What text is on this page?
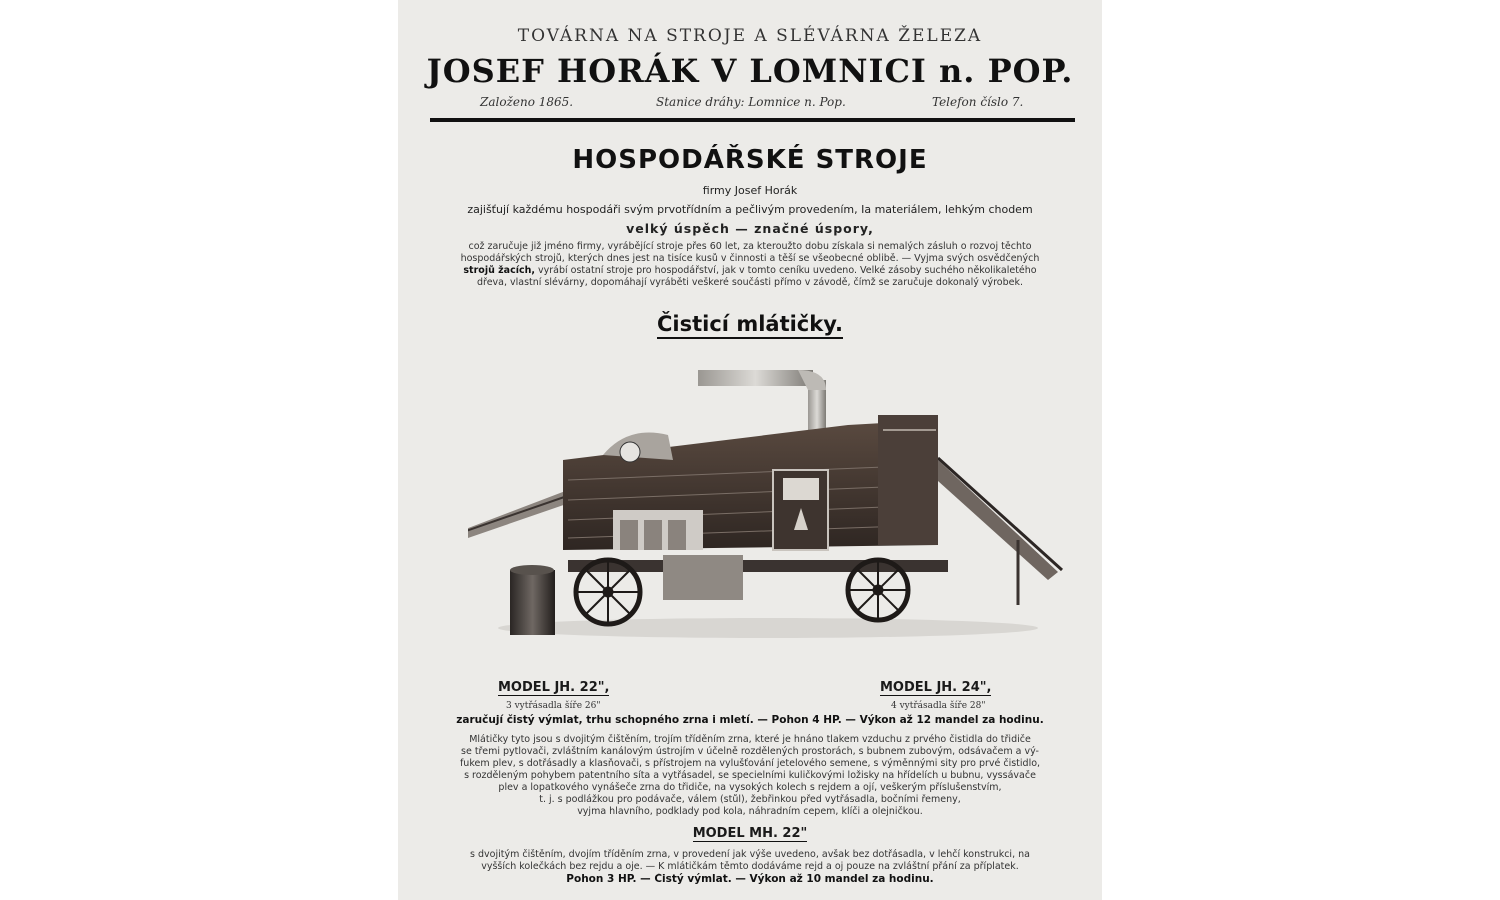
TOVÁRNA NA STROJE A SLÉVÁRNA ŽELEZA
JOSEF HORÁK V LOMNICI n. POP.
Založeno 1865.	Stanice dráhy: Lomnice n. Pop.	Telefon číslo 7.
HOSPODÁŘSKÉ STROJE
firmy Josef Horák
zajišťují každému hospodáři svým prvotřídním a pečlivým provedením, Ia materiálem, lehkým chodem
velký úspěch — značné úspory,
což zaručuje již jméno firmy, vyrábějící stroje přes 60 let, za kteroužto dobu získala si nemalých zásluh o rozvoj těchto
hospodářských strojů, kterých dnes jest na tisíce kusů v činnosti a těší se všeobecné oblibě. — Vyjma svých osvědčených
strojů žacích, vyrábí ostatní stroje pro hospodářství, jak v tomto ceníku uvedeno. Velké zásoby suchého několikaletého
dřeva, vlastní slévárny, dopomáhají vyráběti veškeré součásti přímo v závodě, čímž se zaručuje dokonalý výrobek.
Čisticí mlátičky.
MODEL JH. 22",
3 vytřásadla šíře 26"
MODEL JH. 24",
4 vytřásadla šíře 28"
zaručují čistý výmlat, trhu schopného zrna i mletí. — Pohon 4 HP. — Výkon až 12 mandel za hodinu.
Mlátičky tyto jsou s dvojitým čištěním, trojím tříděním zrna, které je hnáno tlakem vzduchu z prvého čistidla do třidiče
se třemi pytlovači, zvláštním kanálovým ústrojím v účelně rozdělených prostorách, s bubnem zubovým, odsávačem a vý-
fukem plev, s dotřásadly a klasňovači, s přístrojem na vylušťování jetelového semene, s výměnnými sity pro prvé čistidlo,
s rozděleným pohybem patentního síta a vytřásadel, se specielními kuličkovými ložisky na hřídelích u bubnu, vyssávače
plev a lopatkového vynášeče zrna do třidiče, na vysokých kolech s rejdem a ojí, veškerým příslušenstvím,
t. j. s podlážkou pro podávače, válem (stůl), žebřinkou před vytřásadla, bočními řemeny,
vyjma hlavního, podklady pod kola, náhradním cepem, klíči a olejničkou.
MODEL MH. 22"
s dvojitým čištěním, dvojím tříděním zrna, v provedení jak výše uvedeno, avšak bez dotřásadla, v lehčí konstrukci, na
vyšších kolečkách bez rejdu a oje. — K mlátičkám těmto dodáváme rejd a oj pouze na zvláštní přání za příplatek.
Pohon 3 HP. — Čistý výmlat. — Výkon až 10 mandel za hodinu.
